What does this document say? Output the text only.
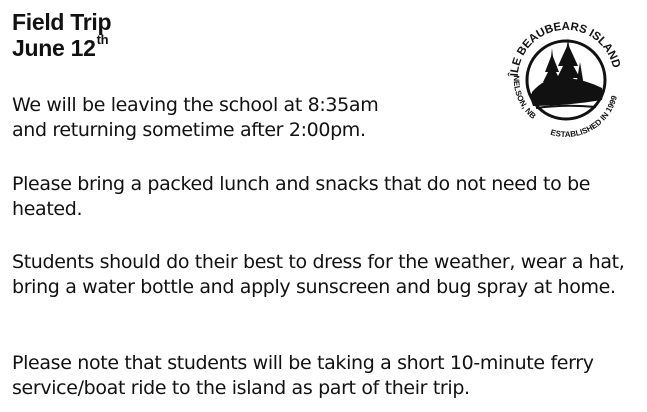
Field Trip
June 12th
ÎLE BEAUBEARS ISLAND
NELSON, NB
ESTABLISHED IN 1999

We will be leaving the school at 8:35am and returning sometime after 2:00pm.

Please bring a packed lunch and snacks that do not need to be heated.

Students should do their best to dress for the weather, wear a hat, bring a water bottle and apply sunscreen and bug spray at home.

Please note that students will be taking a short 10-minute ferry service/boat ride to the island as part of their trip.
